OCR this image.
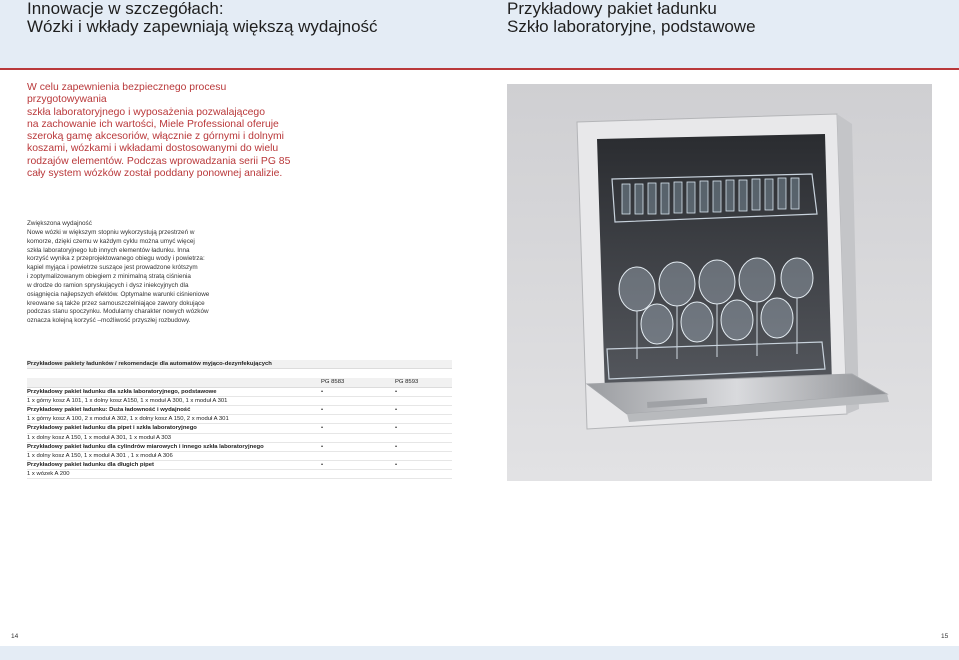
Innowacje w szczegółach:
Wózki i wkłady zapewniają większą wydajność
Przykładowy pakiet ładunku
Szkło laboratoryjne, podstawowe
W celu zapewnienia bezpiecznego procesu przygotowywania
szkła laboratoryjnego i wyposażenia pozwalającego
na zachowanie ich wartości, Miele Professional oferuje
szeroką gamę akcesoriów, włącznie z górnymi i dolnymi
koszami, wózkami i wkładami dostosowanymi do wielu
rodzajów elementów. Podczas wprowadzania serii PG 85
cały system wózków został poddany ponownej analizie.
Zwiększona wydajność
Nowe wózki w większym stopniu wykorzystują przestrzeń w
komorze, dzięki czemu w każdym cyklu można umyć więcej
szkła laboratoryjnego lub innych elementów ładunku. Inna
korzyść wynika z przeprojektowanego obiegu wody i powietrza:
kąpiel myjąca i powietrze suszące jest prowadzone krótszym
i zoptymalizowanym obiegiem z minimalną stratą ciśnienia
w drodze do ramion spryskujących i dysz iniekcyjnych dla
osiągnięcia najlepszych efektów. Optymalne warunki ciśnieniowe
kreowane są także przez samouszczelniające zawory dokujące
podczas stanu spoczynku. Modularny charakter nowych wózków
oznacza kolejną korzyść –możliwość przyszłej rozbudowy.
Przykładowe pakiety ładunków / rekomendacje dla automatów myjąco-dezynfekujących
PG 8583	PG 8593
Przykładowy pakiet ładunku dla szkła laboratoryjnego, podstawowe	•	•
1 x górny kosz A 101, 1 x dolny kosz A150, 1 x moduł A 300, 1 x moduł A 301
Przykładowy pakiet ładunku: Duża ładowność i wydajność	•	•
1 x górny kosz A 100, 2 x moduł A 302, 1 x dolny kosz A 150, 2 x moduł A 301
Przykładowy pakiet ładunku dla pipet i szkła laboratoryjnego	•	•
1 x dolny kosz A 150, 1 x moduł A 301, 1 x moduł A 303
Przykładowy pakiet ładunku dla cylindrów miarowych i innego szkła laboratoryjnego	•	•
1 x dolny kosz A 150, 1 x moduł A 301 , 1 x moduł A 306
Przykładowy pakiet ładunku dla długich pipet	•	•
1 x wózek A 200
14	15
